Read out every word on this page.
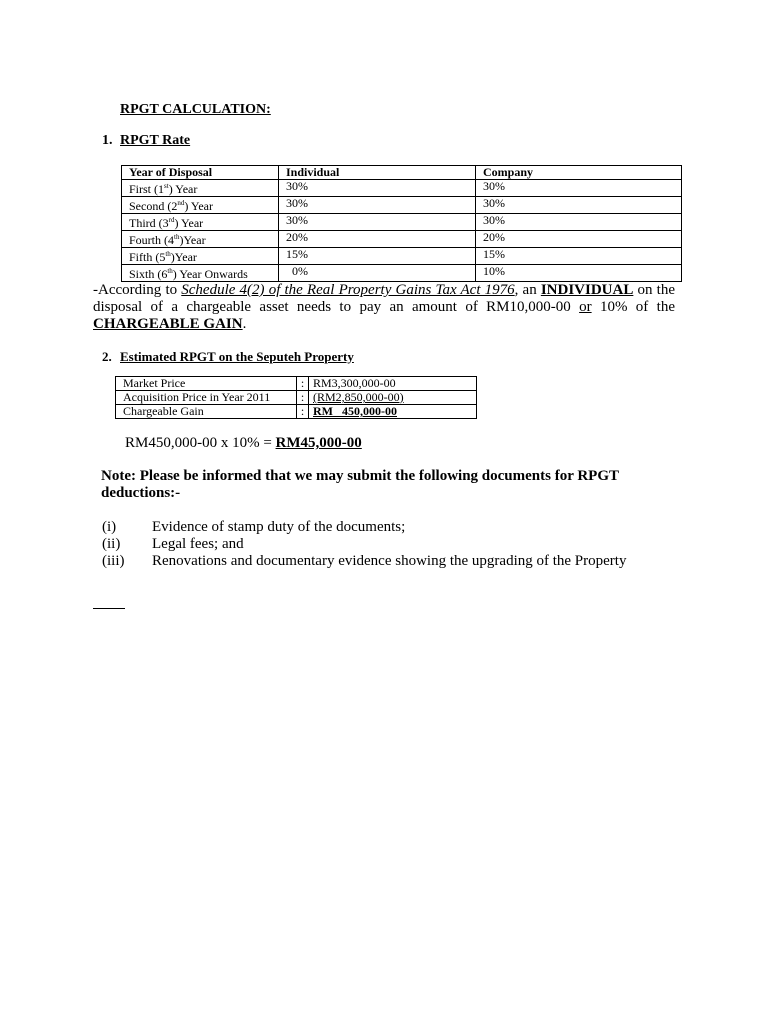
RPGT CALCULATION:
1. RPGT Rate
Year of Disposal	Individual	Company
First (1st) Year	30%	30%
Second (2nd) Year	30%	30%
Third (3rd) Year	30%	30%
Fourth (4th)Year	20%	20%
Fifth (5th)Year	15%	15%
Sixth (6th) Year Onwards	0%	10%
-According to Schedule 4(2) of the Real Property Gains Tax Act 1976, an INDIVIDUAL on the disposal of a chargeable asset needs to pay an amount of RM10,000-00 or 10% of the CHARGEABLE GAIN.
2. Estimated RPGT on the Seputeh Property
Market Price	:	RM3,300,000-00
Acquisition Price in Year 2011	:	(RM2,850,000-00)
Chargeable Gain	:	RM   450,000-00
RM450,000-00 x 10% = RM45,000-00
Note: Please be informed that we may submit the following documents for RPGT deductions:-
(i)	Evidence of stamp duty of the documents;
(ii)	Legal fees; and
(iii)	Renovations and documentary evidence showing the upgrading of the Property
